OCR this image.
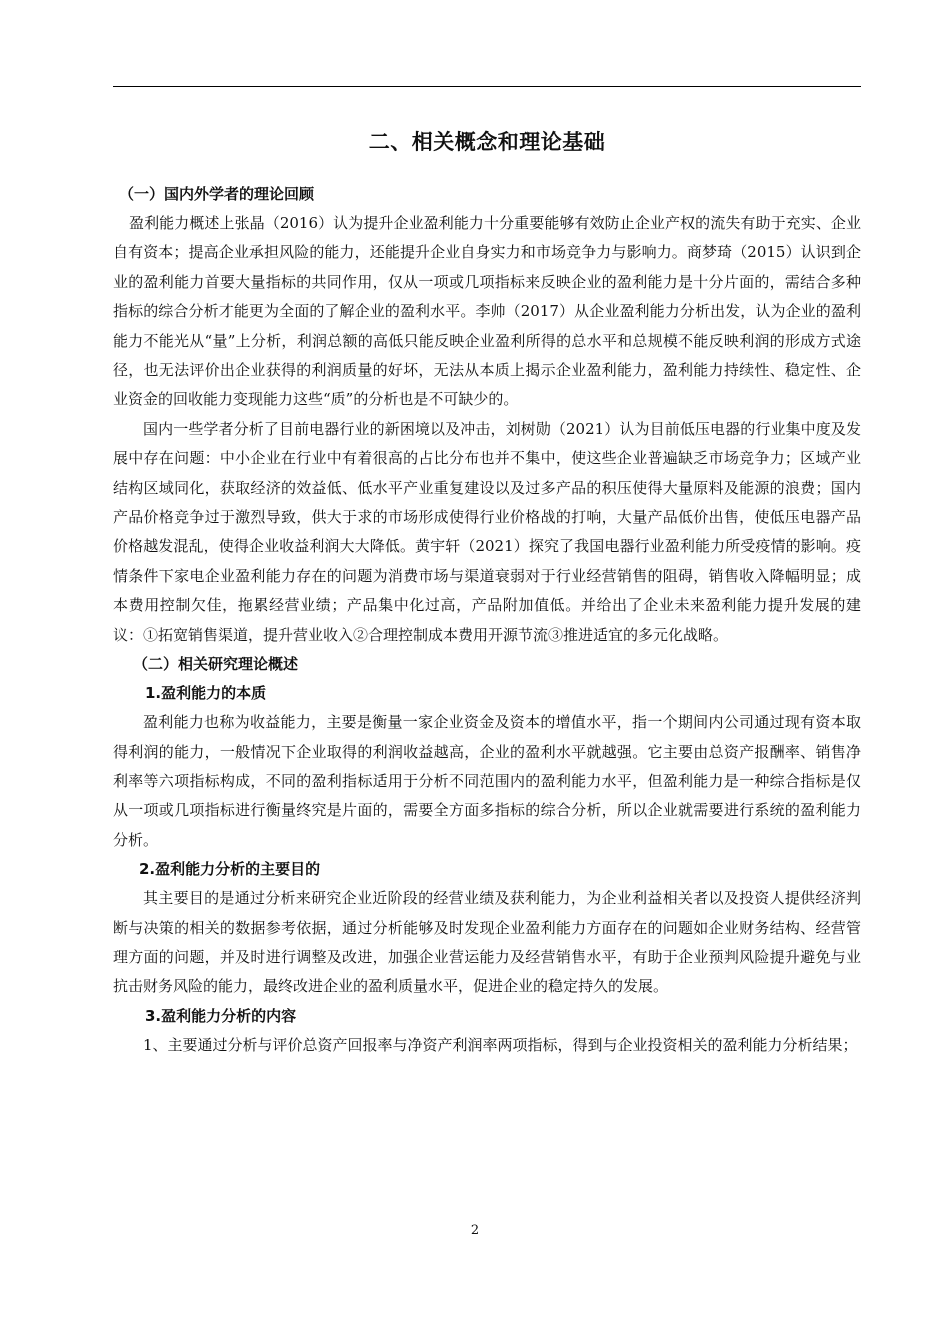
二、相关概念和理论基础
（一）国内外学者的理论回顾

盈利能力概述上张晶（2016）认为提升企业盈利能力十分重要能够有效防止企业产权的流失有助于充实、企业自有资本；提高企业承担风险的能力，还能提升企业自身实力和市场竞争力与影响力。商梦琦（2015）认识到企业的盈利能力首要大量指标的共同作用，仅从一项或几项指标来反映企业的盈利能力是十分片面的，需结合多种指标的综合分析才能更为全面的了解企业的盈利水平。李帅（2017）从企业盈利能力分析出发，认为企业的盈利能力不能光从“量”上分析，利润总额的高低只能反映企业盈利所得的总水平和总规模不能反映利润的形成方式途径，也无法评价出企业获得的利润质量的好坏，无法从本质上揭示企业盈利能力，盈利能力持续性、稳定性、企业资金的回收能力变现能力这些“质”的分析也是不可缺少的。

国内一些学者分析了目前电器行业的新困境以及冲击，刘树勋（2021）认为目前低压电器的行业集中度及发展中存在问题：中小企业在行业中有着很高的占比分布也并不集中，使这些企业普遍缺乏市场竞争力；区域产业结构区域同化，获取经济的效益低、低水平产业重复建设以及过多产品的积压使得大量原料及能源的浪费；国内产品价格竞争过于激烈导致，供大于求的市场形成使得行业价格战的打响，大量产品低价出售，使低压电器产品价格越发混乱，使得企业收益利润大大降低。黄宇轩（2021）探究了我国电器行业盈利能力所受疫情的影响。疫情条件下家电企业盈利能力存在的问题为消费市场与渠道衰弱对于行业经营销售的阻碍，销售收入降幅明显；成本费用控制欠佳，拖累经营业绩；产品集中化过高，产品附加值低。并给出了企业未来盈利能力提升发展的建议：①拓宽销售渠道，提升营业收入②合理控制成本费用开源节流③推进适宜的多元化战略。

（二）相关研究理论概述
1.盈利能力的本质

盈利能力也称为收益能力，主要是衡量一家企业资金及资本的增值水平，指一个期间内公司通过现有资本取得利润的能力，一般情况下企业取得的利润收益越高，企业的盈利水平就越强。它主要由总资产报酬率、销售净利率等六项指标构成，不同的盈利指标适用于分析不同范围内的盈利能力水平，但盈利能力是一种综合指标是仅从一项或几项指标进行衡量终究是片面的，需要全方面多指标的综合分析，所以企业就需要进行系统的盈利能力分析。

2.盈利能力分析的主要目的

其主要目的是通过分析来研究企业近阶段的经营业绩及获利能力，为企业利益相关者以及投资人提供经济判断与决策的相关的数据参考依据，通过分析能够及时发现企业盈利能力方面存在的问题如企业财务结构、经营管理方面的问题，并及时进行调整及改进，加强企业营运能力及经营销售水平，有助于企业预判风险提升避免与业抗击财务风险的能力，最终改进企业的盈利质量水平，促进企业的稳定持久的发展。

3.盈利能力分析的内容

1、主要通过分析与评价总资产回报率与净资产利润率两项指标，得到与企业投资相关的盈利能力分析结果；

2
